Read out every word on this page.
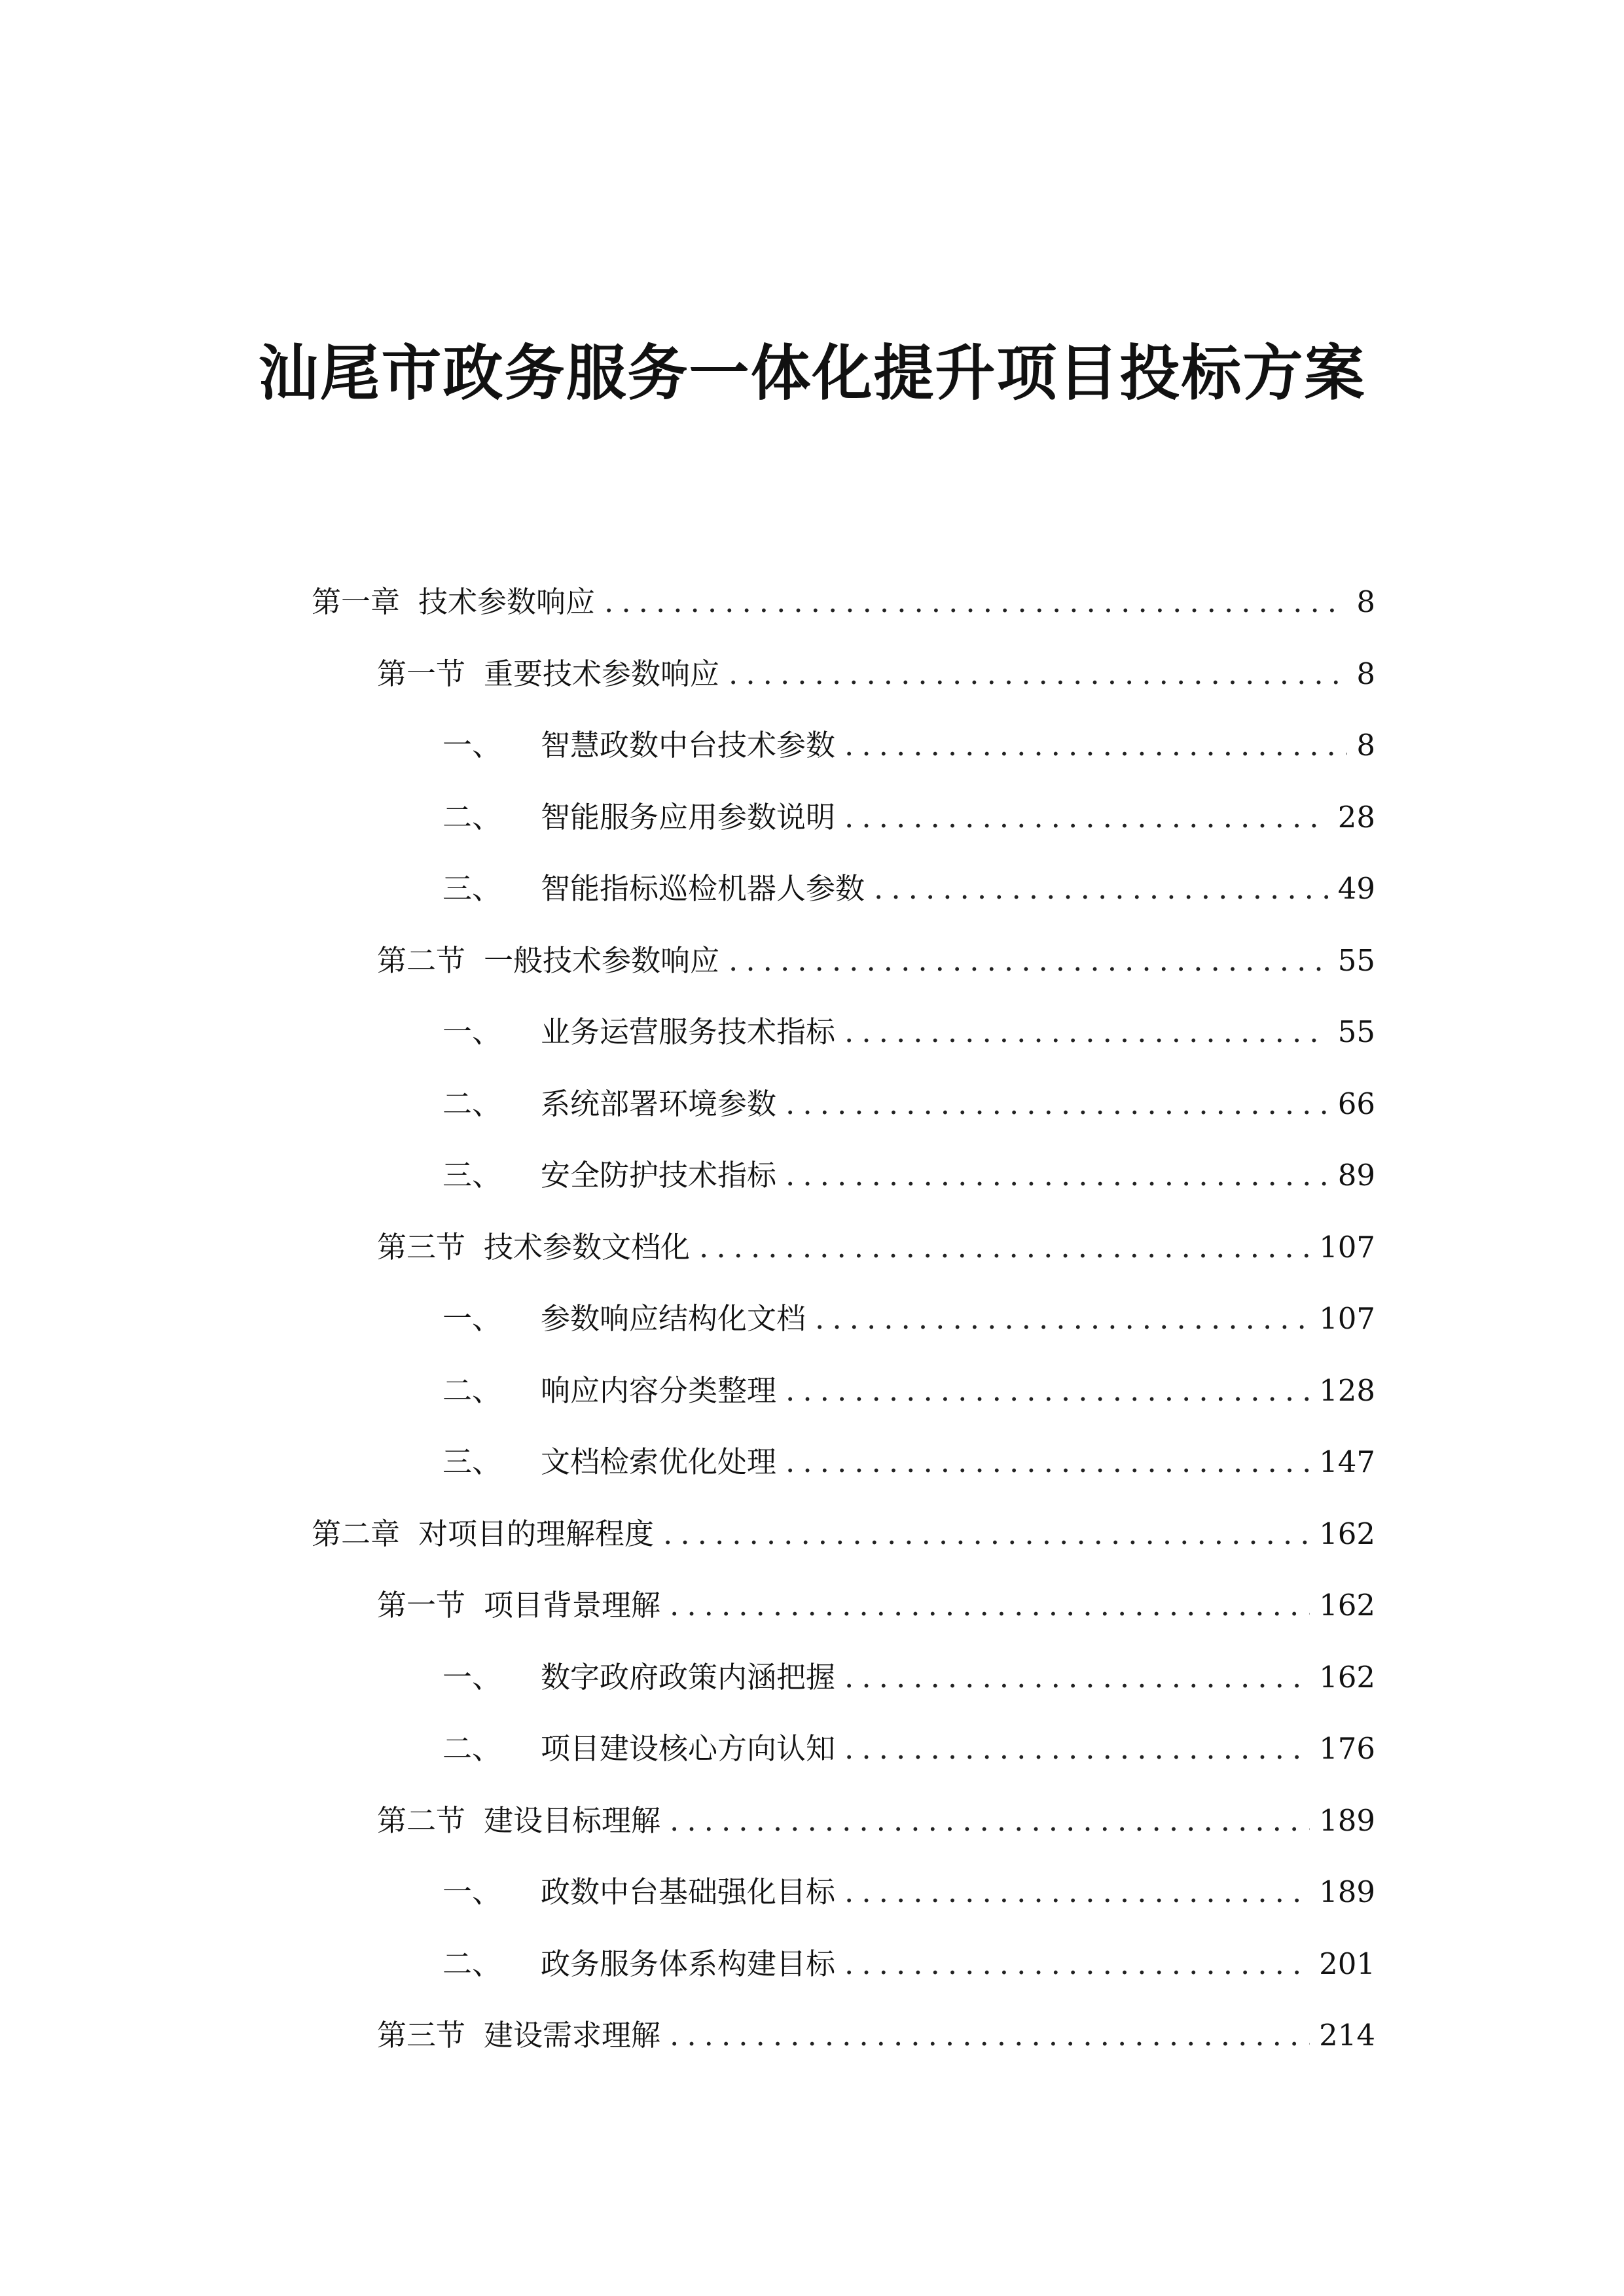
汕尾市政务服务一体化提升项目投标方案
第一章 技术参数响应 .....	8
第一节 重要技术参数响应 .....	8
一、 智慧政数中台技术参数 .....	8
二、 智能服务应用参数说明 .....	28
三、 智能指标巡检机器人参数 .....	49
第二节 一般技术参数响应 .....	55
一、 业务运营服务技术指标 .....	55
二、 系统部署环境参数 .....	66
三、 安全防护技术指标 .....	89
第三节 技术参数文档化 .....	107
一、 参数响应结构化文档 .....	107
二、 响应内容分类整理 .....	128
三、 文档检索优化处理 .....	147
第二章 对项目的理解程度 .....	162
第一节 项目背景理解 .....	162
一、 数字政府政策内涵把握 .....	162
二、 项目建设核心方向认知 .....	176
第二节 建设目标理解 .....	189
一、 政数中台基础强化目标 .....	189
二、 政务服务体系构建目标 .....	201
第三节 建设需求理解 .....	214
